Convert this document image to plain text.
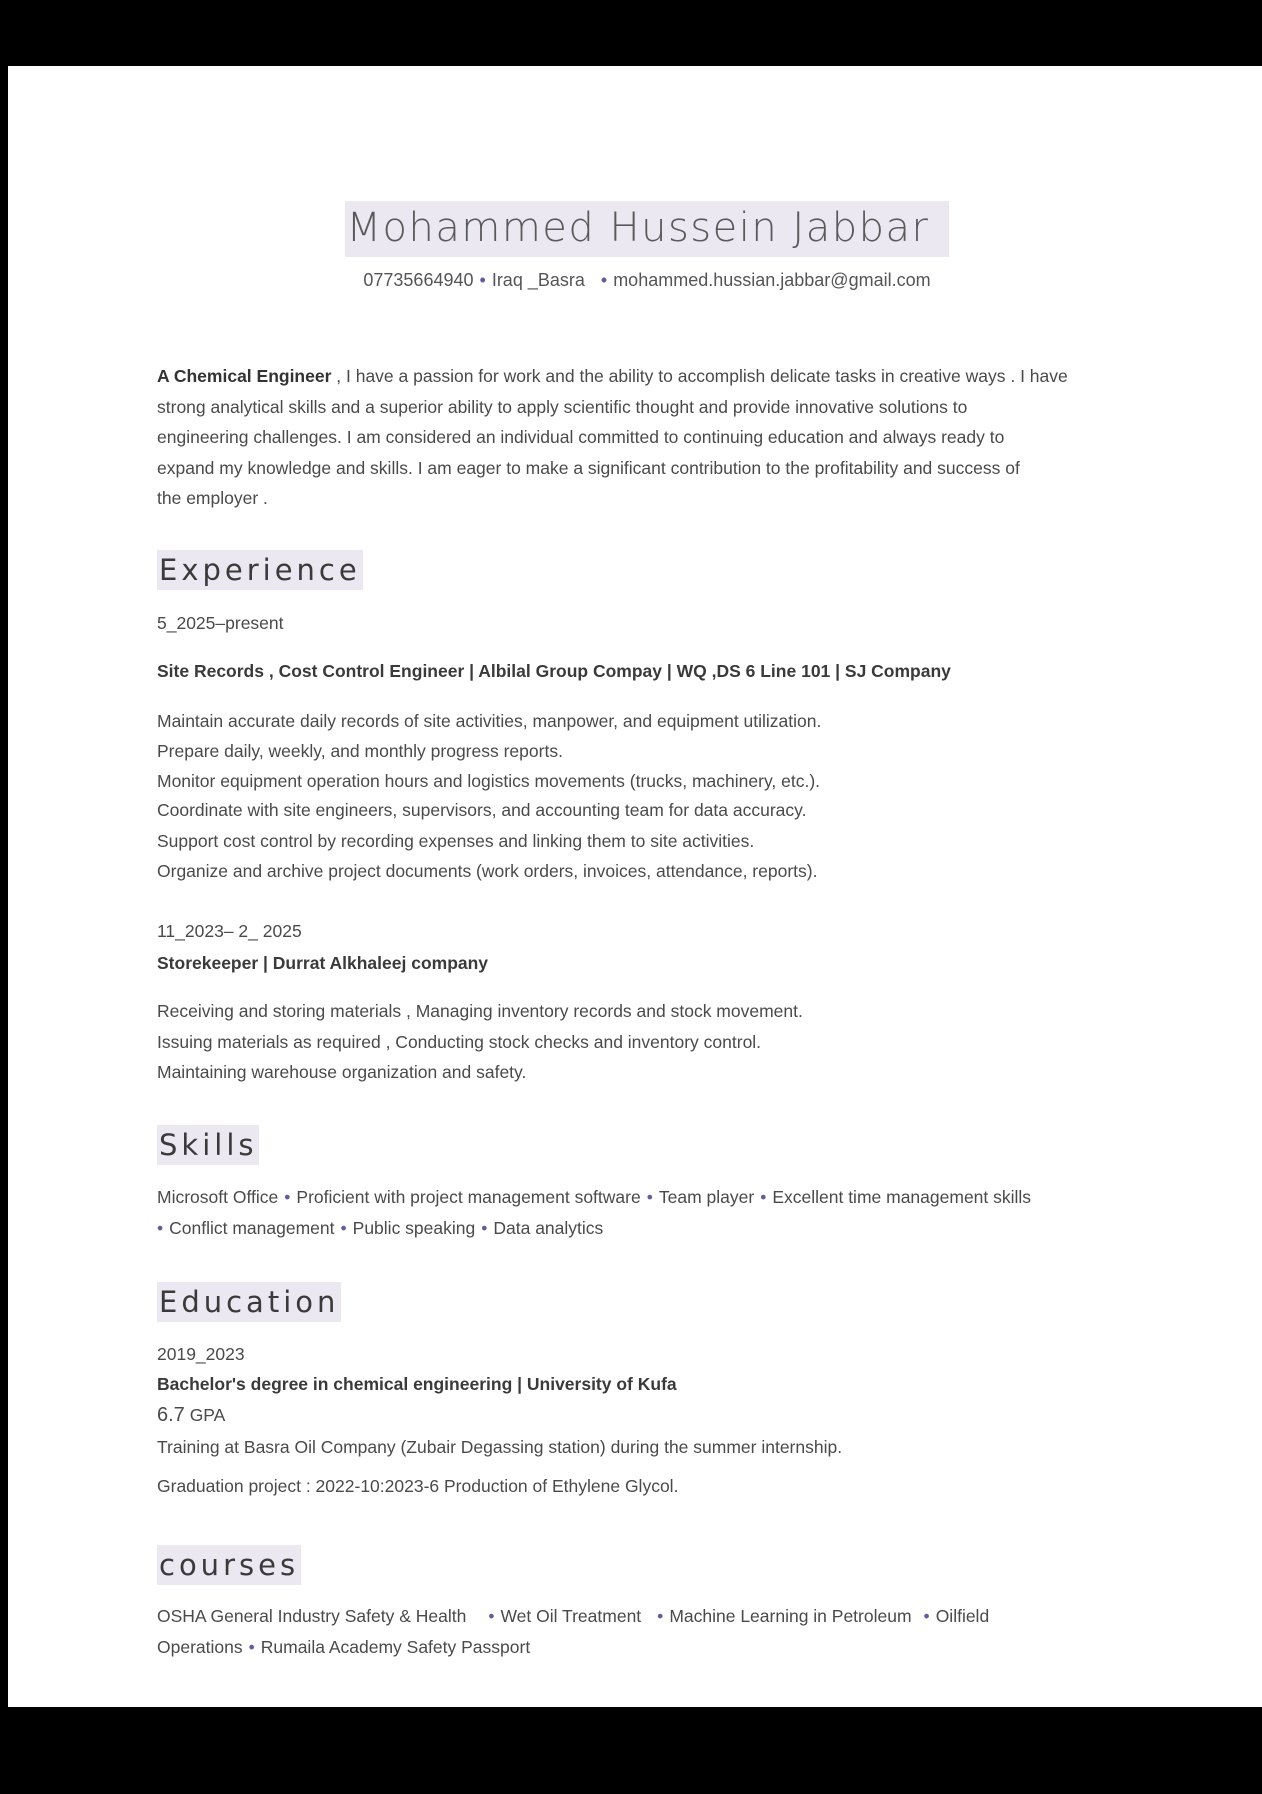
Mohammed Hussein Jabbar
07735664940 • Iraq _Basra • mohammed.hussian.jabbar@gmail.com
A Chemical Engineer , I have a passion for work and the ability to accomplish delicate tasks in creative ways . I have
strong analytical skills and a superior ability to apply scientific thought and provide innovative solutions to
engineering challenges. I am considered an individual committed to continuing education and always ready to
expand my knowledge and skills. I am eager to make a significant contribution to the profitability and success of
the employer .
Experience
5_2025–present
Site Records , Cost Control Engineer | Albilal Group Compay | WQ ,DS 6 Line 101 | SJ Company
Maintain accurate daily records of site activities, manpower, and equipment utilization.
Prepare daily, weekly, and monthly progress reports.
Monitor equipment operation hours and logistics movements (trucks, machinery, etc.).
Coordinate with site engineers, supervisors, and accounting team for data accuracy.
Support cost control by recording expenses and linking them to site activities.
Organize and archive project documents (work orders, invoices, attendance, reports).
11_2023– 2_ 2025
Storekeeper | Durrat Alkhaleej company
Receiving and storing materials , Managing inventory records and stock movement.
Issuing materials as required , Conducting stock checks and inventory control.
Maintaining warehouse organization and safety.
Skills
Microsoft Office • Proficient with project management software • Team player • Excellent time management skills
• Conflict management • Public speaking • Data analytics
Education
2019_2023
Bachelor's degree in chemical engineering | University of Kufa
6.7 GPA
Training at Basra Oil Company (Zubair Degassing station) during the summer internship.
Graduation project : 2022-10:2023-6 Production of Ethylene Glycol.
courses
OSHA General Industry Safety & Health • Wet Oil Treatment • Machine Learning in Petroleum • Oilfield
Operations • Rumaila Academy Safety Passport
